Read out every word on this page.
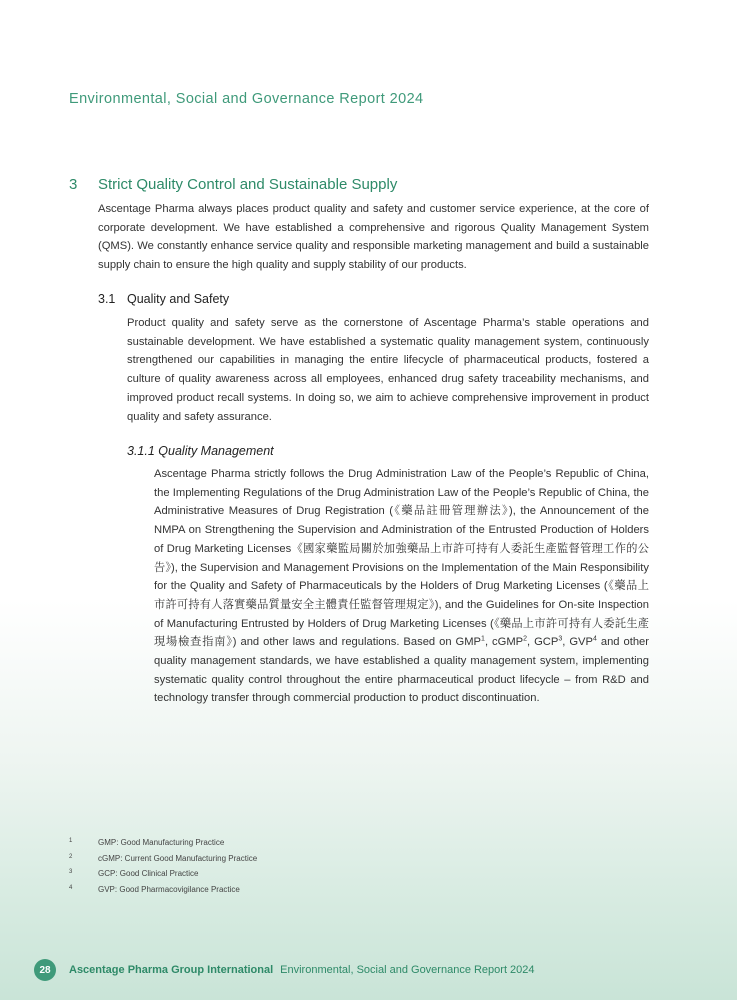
Environmental, Social and Governance Report 2024
3 Strict Quality Control and Sustainable Supply
Ascentage Pharma always places product quality and safety and customer service experience, at the core of corporate development. We have established a comprehensive and rigorous Quality Management System (QMS). We constantly enhance service quality and responsible marketing management and build a sustainable supply chain to ensure the high quality and supply stability of our products.
3.1 Quality and Safety
Product quality and safety serve as the cornerstone of Ascentage Pharma’s stable operations and sustainable development. We have established a systematic quality management system, continuously strengthened our capabilities in managing the entire lifecycle of pharmaceutical products, fostered a culture of quality awareness across all employees, enhanced drug safety traceability mechanisms, and improved product recall systems. In doing so, we aim to achieve comprehensive improvement in product quality and safety assurance.
3.1.1 Quality Management
Ascentage Pharma strictly follows the Drug Administration Law of the People’s Republic of China, the Implementing Regulations of the Drug Administration Law of the People’s Republic of China, the Administrative Measures of Drug Registration (《藥品註冊管理辦法》), the Announcement of the NMPA on Strengthening the Supervision and Administration of the Entrusted Production of Holders of Drug Marketing Licenses《國家藥監局關於加強藥品上市許可持有人委託生產監督管理工作的公告》), the Supervision and Management Provisions on the Implementation of the Main Responsibility for the Quality and Safety of Pharmaceuticals by the Holders of Drug Marketing Licenses (《藥品上市許可持有人落實藥品質量安全主體責任監督管理規定》), and the Guidelines for On-site Inspection of Manufacturing Entrusted by Holders of Drug Marketing Licenses (《藥品上市許可持有人委託生產現場檢查指南》) and other laws and regulations. Based on GMP$^1$, cGMP$^2$, GCP$^3$, GVP$^4$ and other quality management standards, we have established a quality management system, implementing systematic quality control throughout the entire pharmaceutical product lifecycle – from R&D and technology transfer through commercial production to product discontinuation.
1	GMP: Good Manufacturing Practice
2	cGMP: Current Good Manufacturing Practice
3	GCP: Good Clinical Practice
4	GVP: Good Pharmacovigilance Practice
28	Ascentage Pharma Group International Environmental, Social and Governance Report 2024
